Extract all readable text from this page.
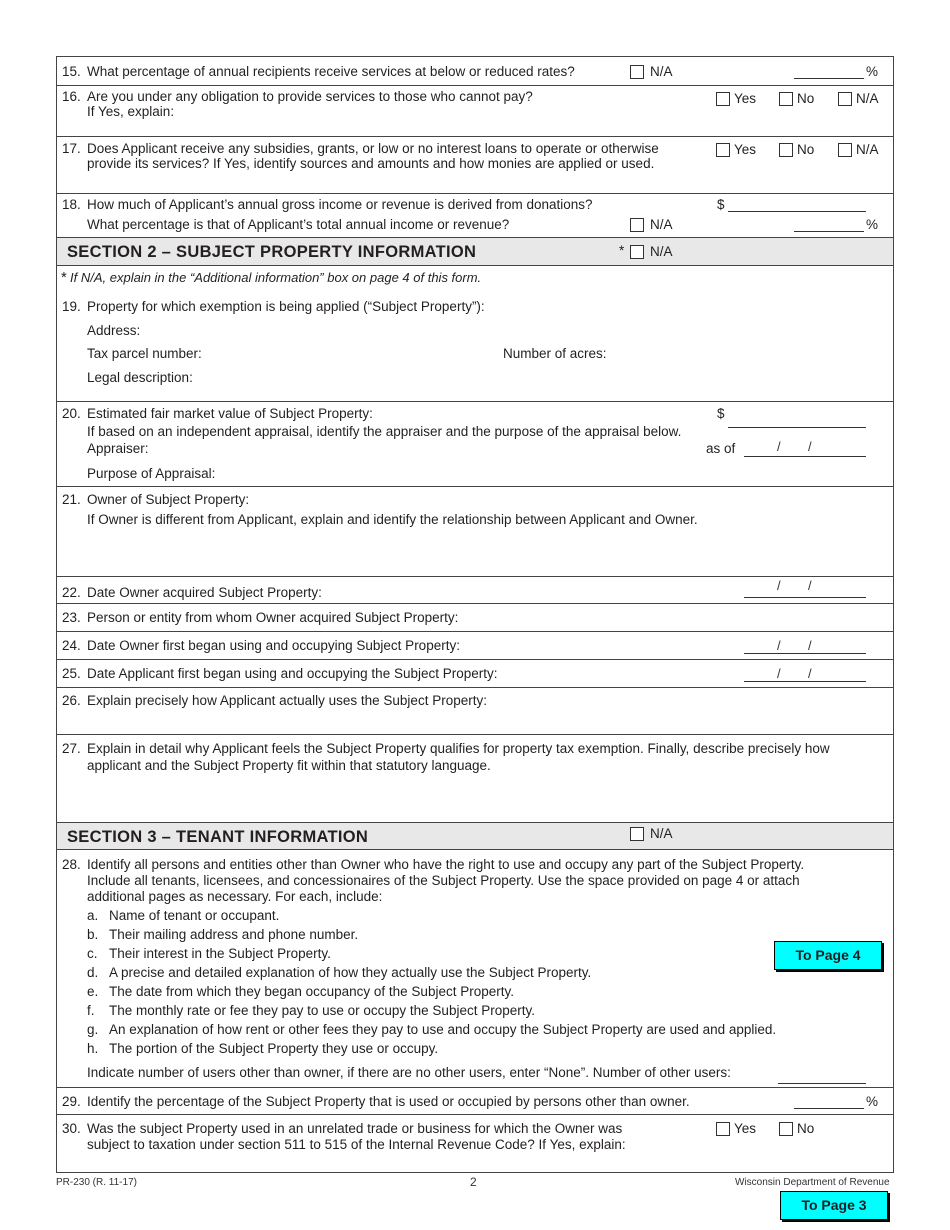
15. What percentage of annual recipients receive services at below or reduced rates?	N/A	%
16. Are you under any obligation to provide services to those who cannot pay?
If Yes, explain:
Yes	No	N/A
17. Does Applicant receive any subsidies, grants, or low or no interest loans to operate or otherwise
provide its services? If Yes, identify sources and amounts and how monies are applied or used.
Yes	No	N/A
18. How much of Applicant’s annual gross income or revenue is derived from donations?	$
What percentage is that of Applicant’s total annual income or revenue?	N/A	%
SECTION 2 – SUBJECT PROPERTY INFORMATION	* N/A
* If N/A, explain in the “Additional information” box on page 4 of this form.
19. Property for which exemption is being applied (“Subject Property”):
Address:
Tax parcel number:	Number of acres:
Legal description:
20. Estimated fair market value of Subject Property:	$
If based on an independent appraisal, identify the appraiser and the purpose of the appraisal below.
Appraiser:	as of	/ /
Purpose of Appraisal:
21. Owner of Subject Property:
If Owner is different from Applicant, explain and identify the relationship between Applicant and Owner.
22. Date Owner acquired Subject Property:	/ /
23. Person or entity from whom Owner acquired Subject Property:
24. Date Owner first began using and occupying Subject Property:	/ /
25. Date Applicant first began using and occupying the Subject Property:	/ /
26. Explain precisely how Applicant actually uses the Subject Property:
27. Explain in detail why Applicant feels the Subject Property qualifies for property tax exemption. Finally, describe precisely how
applicant and the Subject Property fit within that statutory language.
SECTION 3 – TENANT INFORMATION	N/A
28. Identify all persons and entities other than Owner who have the right to use and occupy any part of the Subject Property.
Include all tenants, licensees, and concessionaires of the Subject Property. Use the space provided on page 4 or attach
additional pages as necessary. For each, include:
a. Name of tenant or occupant.
b. Their mailing address and phone number.
c. Their interest in the Subject Property.
d. A precise and detailed explanation of how they actually use the Subject Property.
e. The date from which they began occupancy of the Subject Property.
f. The monthly rate or fee they pay to use or occupy the Subject Property.
g. An explanation of how rent or other fees they pay to use and occupy the Subject Property are used and applied.
h. The portion of the Subject Property they use or occupy.
Indicate number of users other than owner, if there are no other users, enter “None”. Number of other users:
To Page 4
29. Identify the percentage of the Subject Property that is used or occupied by persons other than owner.	%
30. Was the subject Property used in an unrelated trade or business for which the Owner was
subject to taxation under section 511 to 515 of the Internal Revenue Code? If Yes, explain:
Yes	No
PR-230 (R. 11-17)	2	Wisconsin Department of Revenue
To Page 3
